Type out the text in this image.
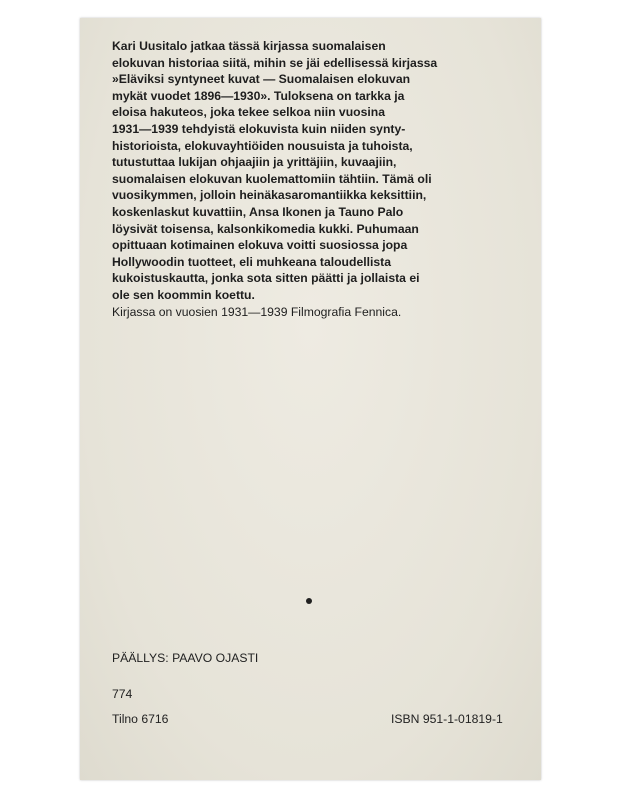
Kari Uusitalo jatkaa tässä kirjassa suomalaisen
elokuvan historiaa siitä, mihin se jäi edellisessä kirjassa
»Eläviksi syntyneet kuvat — Suomalaisen elokuvan
mykät vuodet 1896—1930». Tuloksena on tarkka ja
eloisa hakuteos, joka tekee selkoa niin vuosina
1931—1939 tehdyistä elokuvista kuin niiden synty-
historioista, elokuvayhtiöiden nousuista ja tuhoista,
tutustuttaa lukijan ohjaajiin ja yrittäjiin, kuvaajiin,
suomalaisen elokuvan kuolemattomiin tähtiin. Tämä oli
vuosikymmen, jolloin heinäkasaromantiikka keksittiin,
koskenlaskut kuvattiin, Ansa Ikonen ja Tauno Palo
löysivät toisensa, kalsonkikomedia kukki. Puhumaan
opittuaan kotimainen elokuva voitti suosiossa jopa
Hollywoodin tuotteet, eli muhkeana taloudellista
kukoistuskautta, jonka sota sitten päätti ja jollaista ei
ole sen koommin koettu.
Kirjassa on vuosien 1931—1939 Filmografia Fennica.
PÄÄLLYS: PAAVO OJASTI
774
Tilno 6716	ISBN 951-1-01819-1
